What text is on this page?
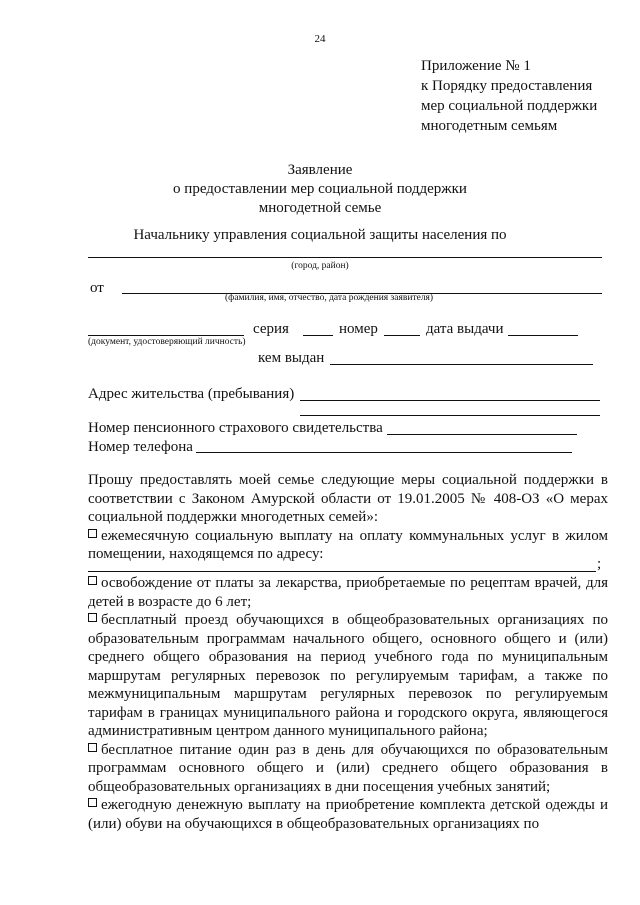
24
Приложение № 1
к Порядку предоставления
мер социальной поддержки
многодетным семьям
Заявление
о предоставлении мер социальной поддержки
многодетной семье
Начальнику управления социальной защиты населения по
(город, район)
от
(фамилия, имя, отчество, дата рождения заявителя)
серия	номер	дата выдачи
(документ, удостоверяющий личность)
кем выдан
Адрес жительства (пребывания)
Номер пенсионного страхового свидетельства
Номер телефона

Прошу предоставлять моей семье следующие меры социальной поддержки в соответствии с Законом Амурской области от 19.01.2005 № 408-ОЗ «О мерах социальной поддержки многодетных семей»:

ежемесячную социальную выплату на оплату коммунальных услуг в жилом помещении, находящемся по адресу:

;

освобождение от платы за лекарства, приобретаемые по рецептам врачей, для детей в возрасте до 6 лет;

бесплатный проезд обучающихся в общеобразовательных организациях по образовательным программам начального общего, основного общего и (или) среднего общего образования на период учебного года по муниципальным маршрутам регулярных перевозок по регулируемым тарифам, а также по межмуниципальным маршрутам регулярных перевозок по регулируемым тарифам в границах муниципального района и городского округа, являющегося административным центром данного муниципального района;

бесплатное питание один раз в день для обучающихся по образовательным программам основного общего и (или) среднего общего образования в общеобразовательных организациях в дни посещения учебных занятий;

ежегодную денежную выплату на приобретение комплекта детской одежды и (или) обуви на обучающихся в общеобразовательных организациях по
